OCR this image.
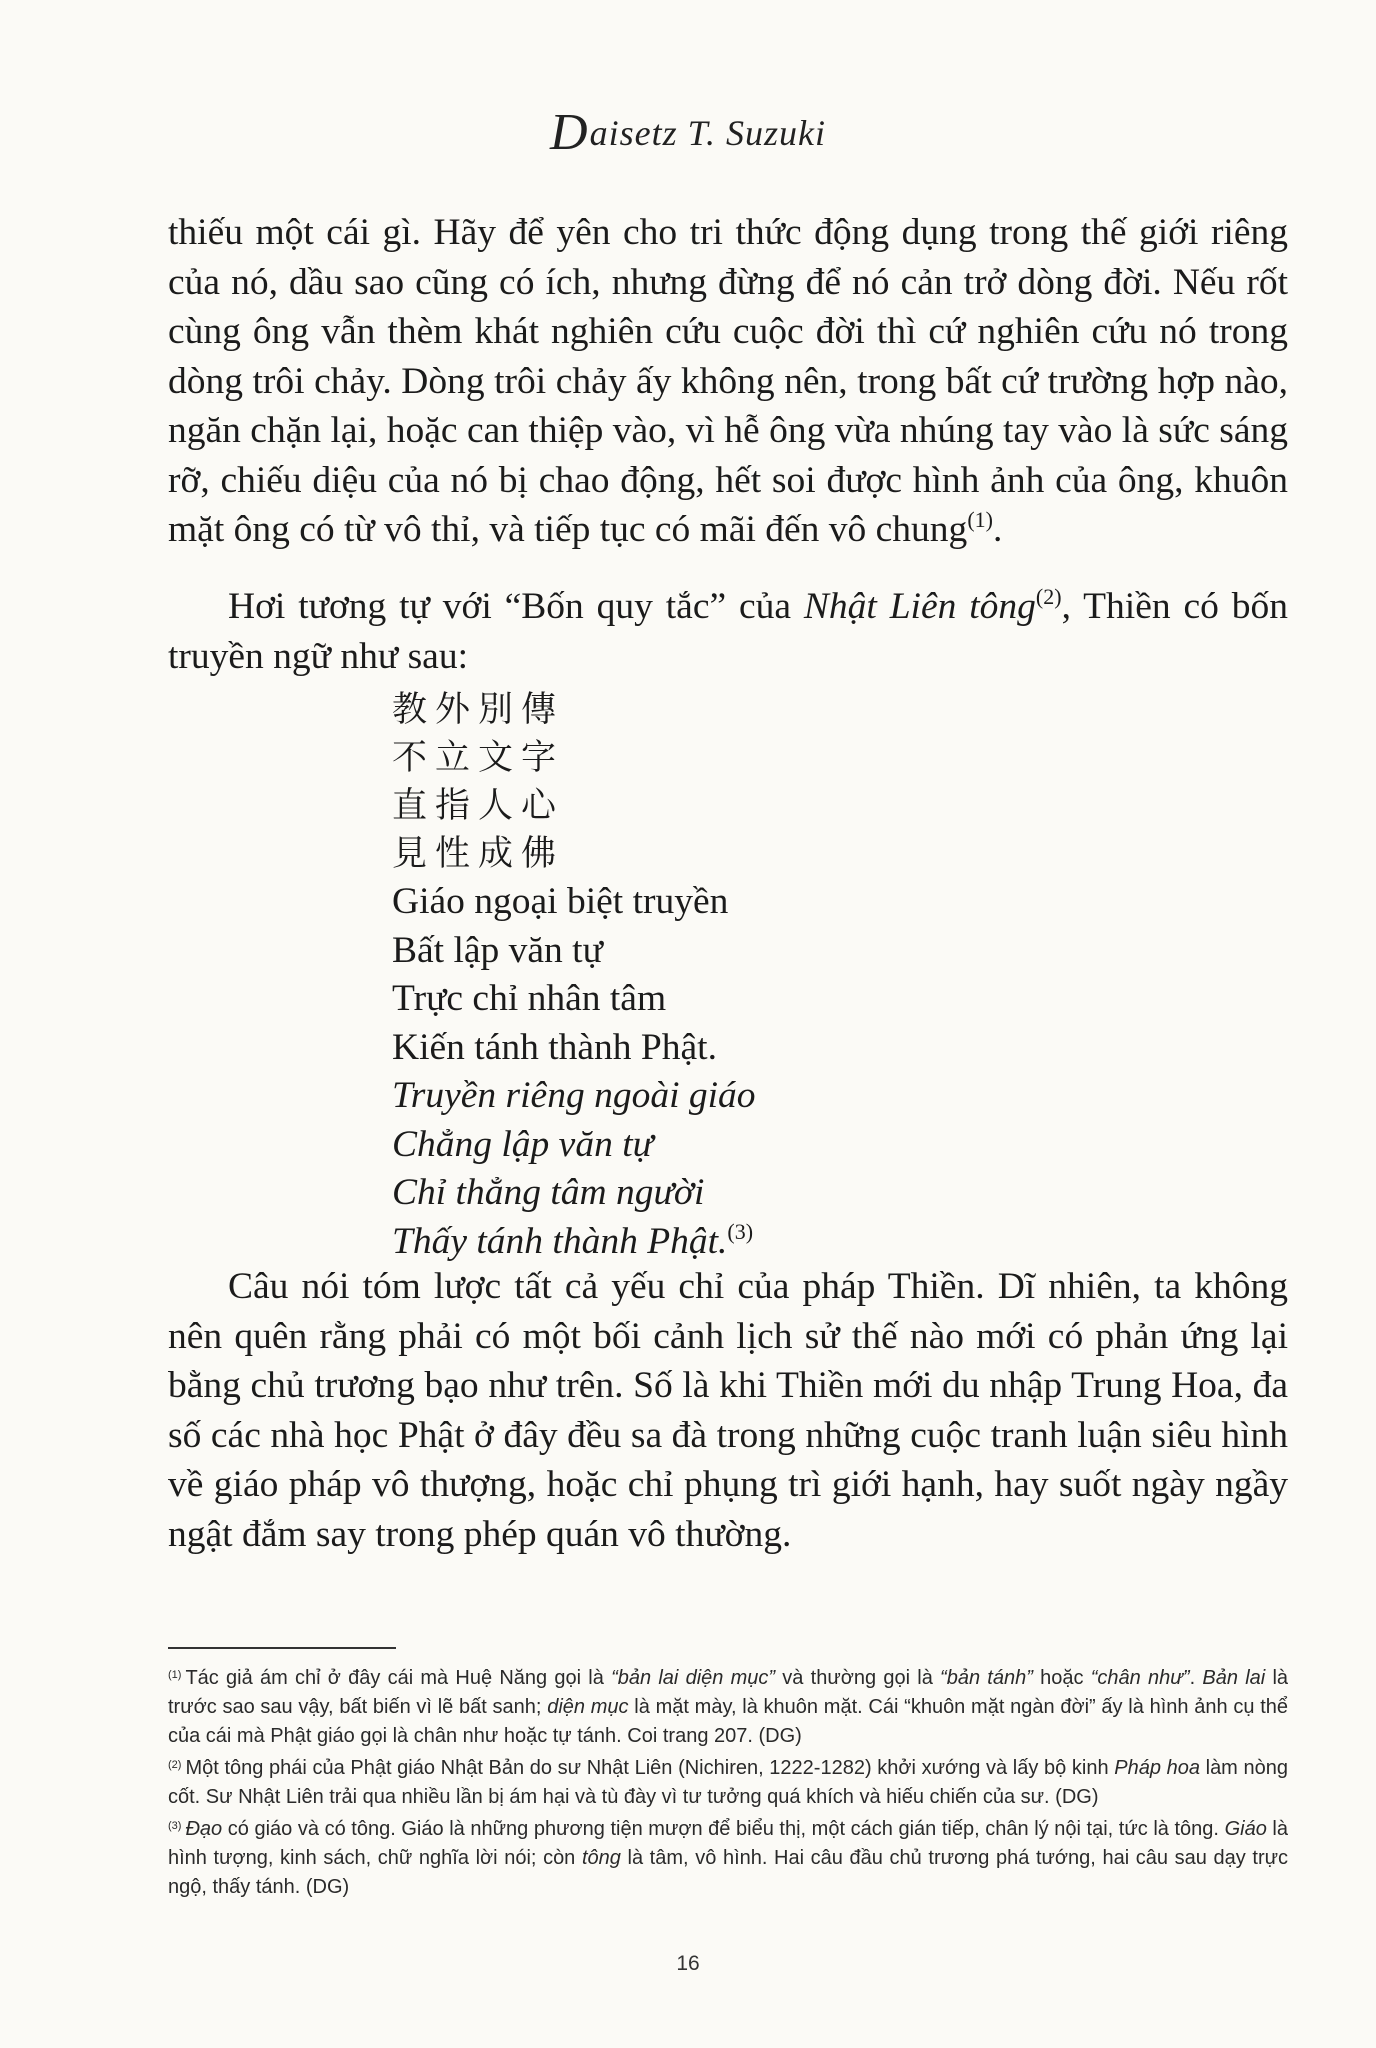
Daisetz T. Suzuki

thiếu một cái gì. Hãy để yên cho tri thức động dụng trong thế giới riêng của nó, dầu sao cũng có ích, nhưng đừng để nó cản trở dòng đời. Nếu rốt cùng ông vẫn thèm khát nghiên cứu cuộc đời thì cứ nghiên cứu nó trong dòng trôi chảy. Dòng trôi chảy ấy không nên, trong bất cứ trường hợp nào, ngăn chặn lại, hoặc can thiệp vào, vì hễ ông vừa nhúng tay vào là sức sáng rỡ, chiếu diệu của nó bị chao động, hết soi được hình ảnh của ông, khuôn mặt ông có từ vô thỉ, và tiếp tục có mãi đến vô chung$^{(1)}$.

Hơi tương tự với “Bốn quy tắc” của Nhật Liên tông$^{(2)}$, Thiền có bốn truyền ngữ như sau:

教外別傳
不立文字
直指人心
見性成佛
Giáo ngoại biệt truyền
Bất lập văn tự
Trực chỉ nhân tâm
Kiến tánh thành Phật.
Truyền riêng ngoài giáo
Chẳng lập văn tự
Chỉ thẳng tâm người
Thấy tánh thành Phật.$^{(3)}$

Câu nói tóm lược tất cả yếu chỉ của pháp Thiền. Dĩ nhiên, ta không nên quên rằng phải có một bối cảnh lịch sử thế nào mới có phản ứng lại bằng chủ trương bạo như trên. Số là khi Thiền mới du nhập Trung Hoa, đa số các nhà học Phật ở đây đều sa đà trong những cuộc tranh luận siêu hình về giáo pháp vô thượng, hoặc chỉ phụng trì giới hạnh, hay suốt ngày ngầy ngật đắm say trong phép quán vô thường.

$^{(1)}$ Tác giả ám chỉ ở đây cái mà Huệ Năng gọi là “bản lai diện mục” và thường gọi là “bản tánh” hoặc “chân như”. Bản lai là trước sao sau vậy, bất biến vì lẽ bất sanh; diện mục là mặt mày, là khuôn mặt. Cái “khuôn mặt ngàn đời” ấy là hình ảnh cụ thể của cái mà Phật giáo gọi là chân như hoặc tự tánh. Coi trang 207. (DG)

$^{(2)}$ Một tông phái của Phật giáo Nhật Bản do sư Nhật Liên (Nichiren, 1222-1282) khởi xướng và lấy bộ kinh Pháp hoa làm nòng cốt. Sư Nhật Liên trải qua nhiều lần bị ám hại và tù đày vì tư tưởng quá khích và hiếu chiến của sư. (DG)

$^{(3)}$ Đạo có giáo và có tông. Giáo là những phương tiện mượn để biểu thị, một cách gián tiếp, chân lý nội tại, tức là tông. Giáo là hình tượng, kinh sách, chữ nghĩa lời nói; còn tông là tâm, vô hình. Hai câu đầu chủ trương phá tướng, hai câu sau dạy trực ngộ, thấy tánh. (DG)

16
